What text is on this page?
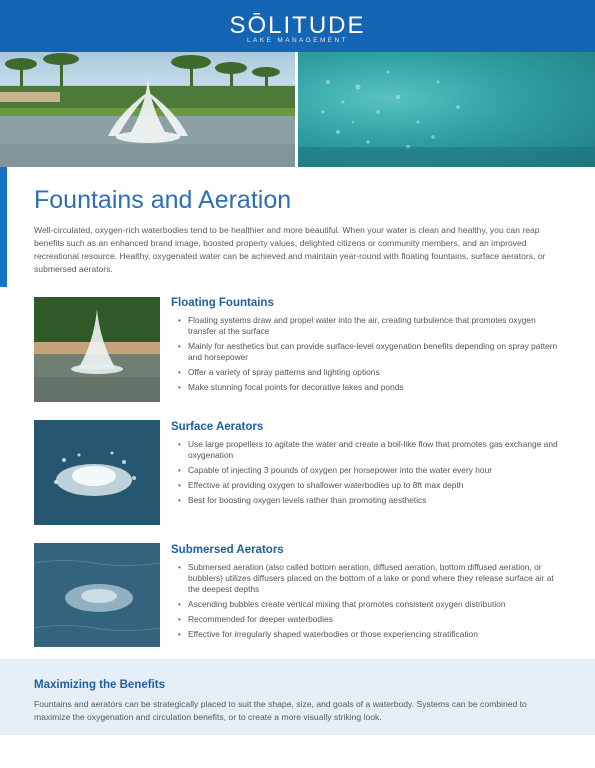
SŌLITUDE
LAKE MANAGEMENT
Fountains and Aeration

Well-circulated, oxygen-rich waterbodies tend to be healthier and more beautiful. When your water is clean and healthy, you can reap benefits such as an enhanced brand image, boosted property values, delighted citizens or community members, and an improved recreational resource. Healthy, oxygenated water can be achieved and maintain year-round with floating fountains, surface aerators, or submersed aerators.

Floating Fountains
• Floating systems draw and propel water into the air, creating turbulence that promotes oxygen transfer at the surface
• Mainly for aesthetics but can provide surface-level oxygenation benefits depending on spray pattern and horsepower
• Offer a variety of spray patterns and lighting options
• Make stunning focal points for decorative lakes and ponds
Surface Aerators
• Use large propellers to agitate the water and create a boil-like flow that promotes gas exchange and oxygenation
• Capable of injecting 3 pounds of oxygen per horsepower into the water every hour
• Effective at providing oxygen to shallower waterbodies up to 8ft max depth
• Best for boosting oxygen levels rather than promoting aesthetics
Submersed Aerators
• Submersed aeration (also called bottom aeration, diffused aeration, bottom diffused aeration, or bubblers) utilizes diffusers placed on the bottom of a lake or pond where they release surface air at the deepest depths
• Ascending bubbles create vertical mixing that promotes consistent oxygen distribution
• Recommended for deeper waterbodies
• Effective for irregularly shaped waterbodies or those experiencing stratification
Maximizing the Benefits

Fountains and aerators can be strategically placed to suit the shape, size, and goals of a waterbody. Systems can be combined to maximize the oxygenation and circulation benefits, or to create a more visually striking look.
